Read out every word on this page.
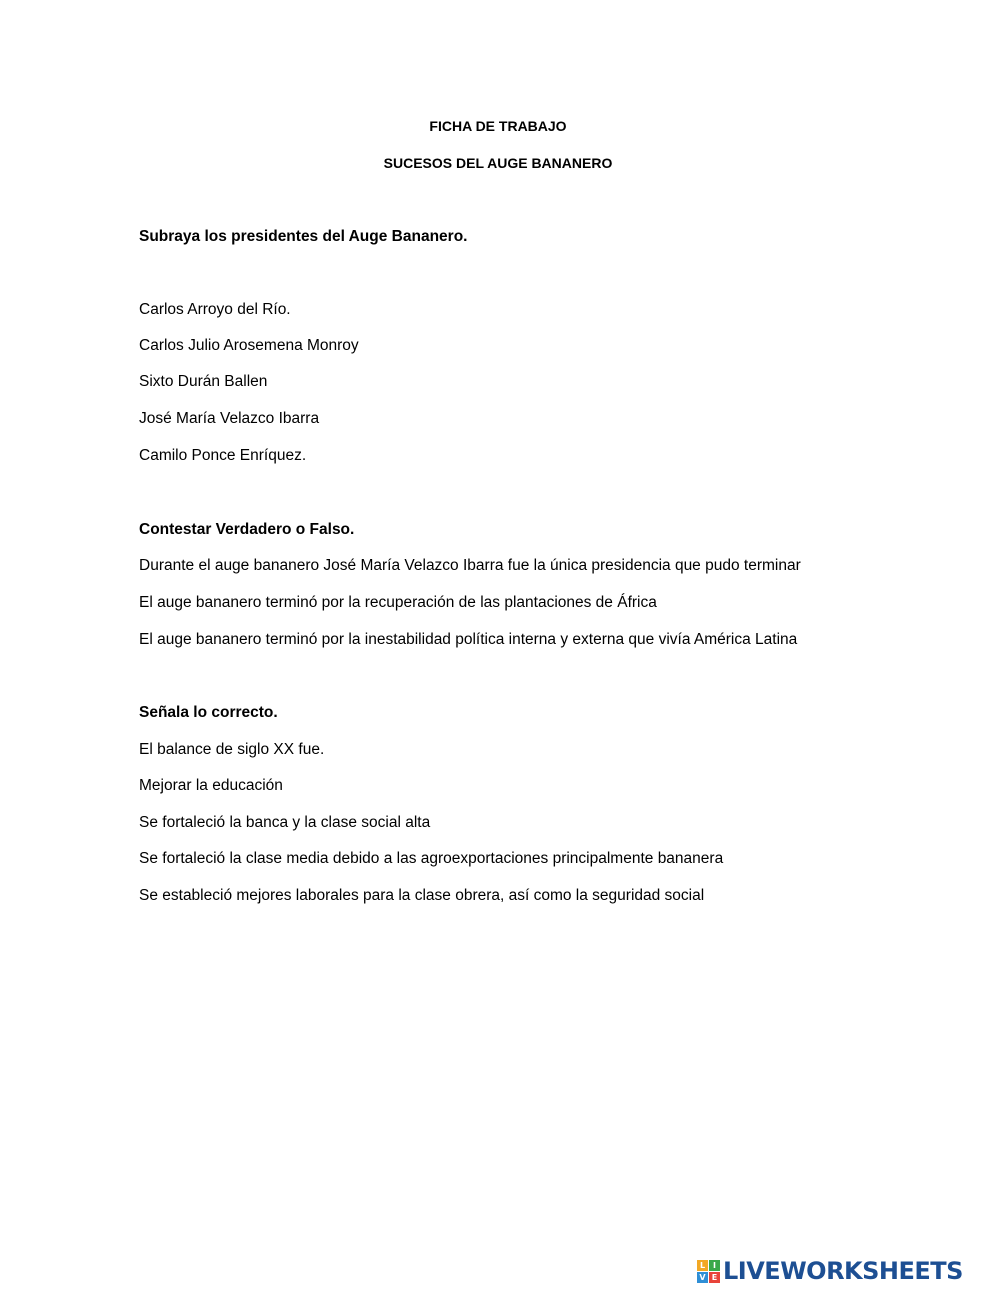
FICHA DE TRABAJO
SUCESOS DEL AUGE BANANERO
Subraya los presidentes del Auge Bananero.
Carlos Arroyo del Río.
Carlos Julio Arosemena Monroy
Sixto Durán Ballen
José María Velazco Ibarra
Camilo Ponce Enríquez.
Contestar Verdadero o Falso.
Durante el auge bananero José María Velazco Ibarra fue la única presidencia que pudo terminar
El auge bananero terminó por la recuperación de las plantaciones de África
El auge bananero terminó por la inestabilidad política interna y externa que vivía América Latina
Señala lo correcto.
El balance de siglo XX fue.
Mejorar la educación
Se fortaleció la banca y la clase social alta
Se fortaleció la clase media debido a las agroexportaciones principalmente bananera
Se estableció mejores laborales para la clase obrera, así como la seguridad social
L I
V E LIVEWORKSHEETS
